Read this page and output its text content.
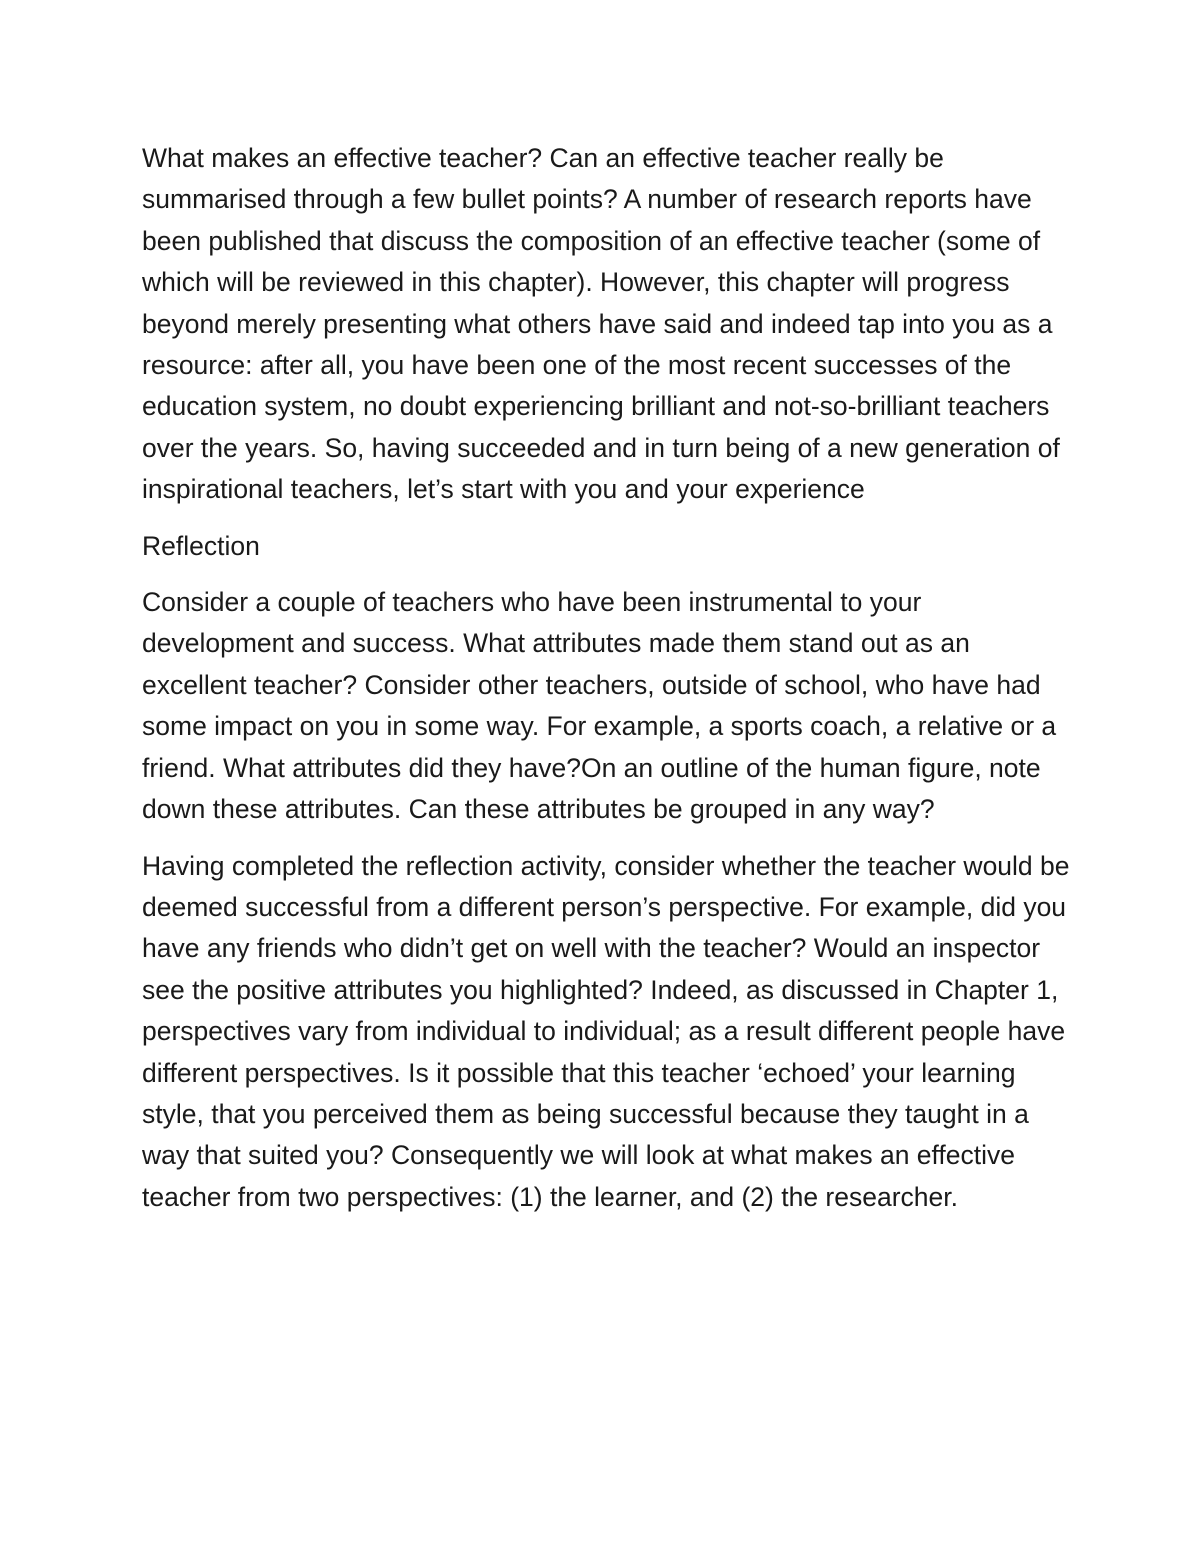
What makes an effective teacher? Can an effective teacher really be summarised through a few bullet points? A number of research reports have been published that discuss the composition of an effective teacher (some of which will be reviewed in this chapter). However, this chapter will progress beyond merely presenting what others have said and indeed tap into you as a resource: after all, you have been one of the most recent successes of the education system, no doubt experiencing brilliant and not-so-brilliant teachers over the years. So, having succeeded and in turn being of a new generation of inspirational teachers, let’s start with you and your experience

Reflection

Consider a couple of teachers who have been instrumental to your development and success. What attributes made them stand out as an excellent teacher? Consider other teachers, outside of school, who have had some impact on you in some way. For example, a sports coach, a relative or a friend. What attributes did they have?On an outline of the human figure, note down these attributes. Can these attributes be grouped in any way?

Having completed the reflection activity, consider whether the teacher would be deemed successful from a different person’s perspective. For example, did you have any friends who didn’t get on well with the teacher? Would an inspector see the positive attributes you highlighted? Indeed, as discussed in Chapter 1, perspectives vary from individual to individual; as a result different people have different perspectives. Is it possible that this teacher ‘echoed’ your learning style, that you perceived them as being successful because they taught in a way that suited you? Consequently we will look at what makes an effective teacher from two perspectives: (1) the learner, and (2) the researcher.
